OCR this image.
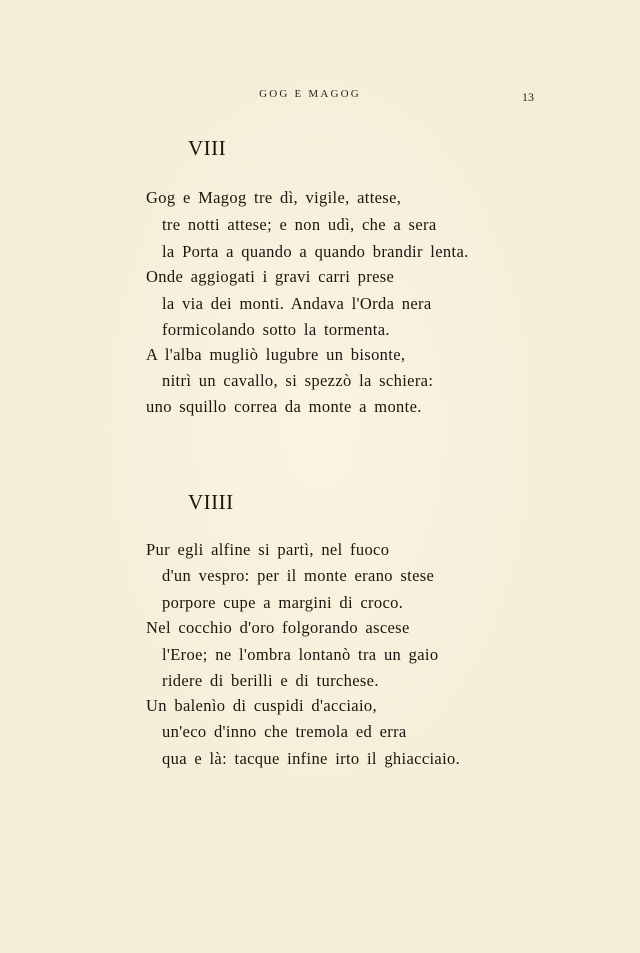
GOG E MAGOG	13
VIII
Gog e Magog tre dì, vigile, attese,
tre notti attese; e non udì, che a sera
la Porta a quando a quando brandir lenta.
Onde aggiogati i gravi carri prese
la via dei monti. Andava l'Orda nera
formicolando sotto la tormenta.
A l'alba mugliò lugubre un bisonte,
nitrì un cavallo, si spezzò la schiera:
uno squillo correa da monte a monte.
VIIII
Pur egli alfine si partì, nel fuoco
d'un vespro: per il monte erano stese
porpore cupe a margini di croco.
Nel cocchio d'oro folgorando ascese
l'Eroe; ne l'ombra lontanò tra un gaio
ridere di berilli e di turchese.
Un balenìo di cuspidi d'acciaio,
un'eco d'inno che tremola ed erra
qua e là: tacque infine irto il ghiacciaio.
